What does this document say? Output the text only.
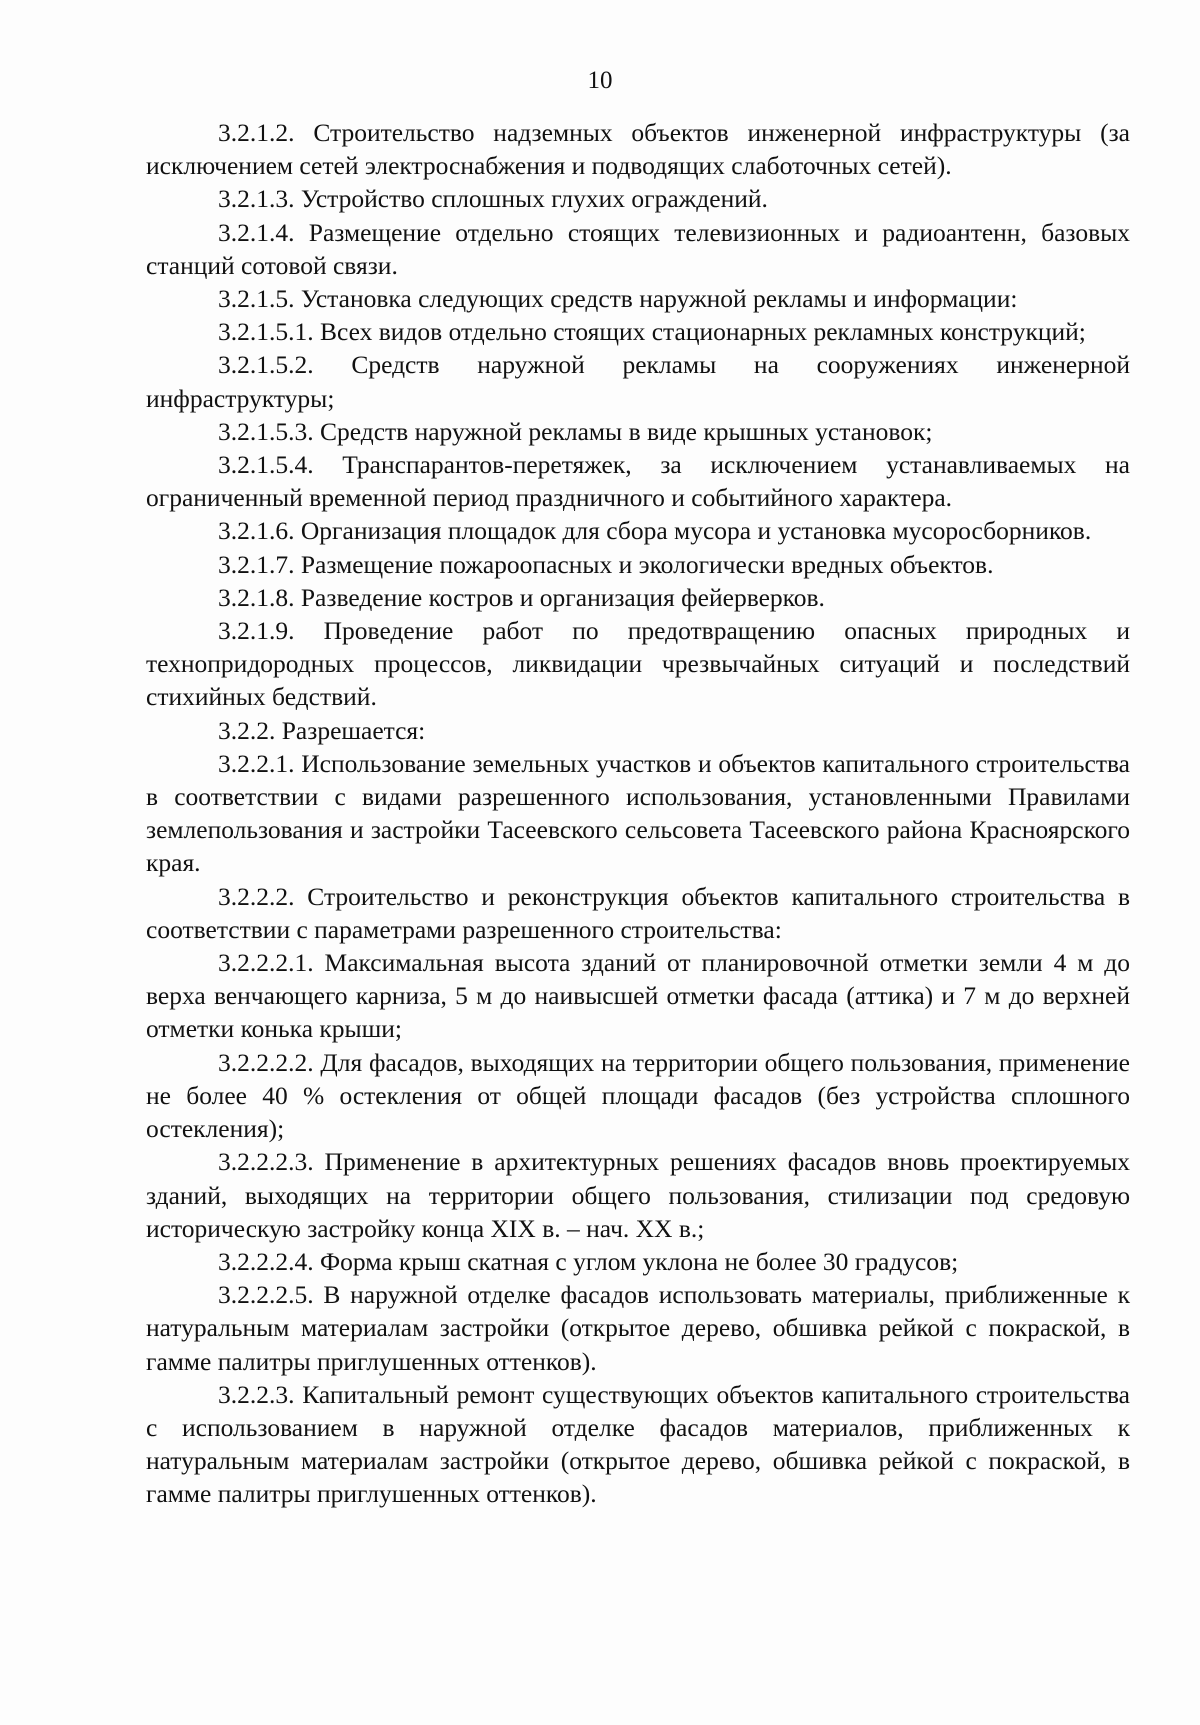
10

3.2.1.2. Строительство надземных объектов инженерной инфраструктуры (за исключением сетей электроснабжения и подводящих слаботочных сетей).

3.2.1.3. Устройство сплошных глухих ограждений.

3.2.1.4. Размещение отдельно стоящих телевизионных и радиоантенн, базовых станций сотовой связи.

3.2.1.5. Установка следующих средств наружной рекламы и информации:

3.2.1.5.1. Всех видов отдельно стоящих стационарных рекламных конструкций;

3.2.1.5.2. Средств наружной рекламы на сооружениях инженерной инфраструктуры;

3.2.1.5.3. Средств наружной рекламы в виде крышных установок;

3.2.1.5.4. Транспарантов-перетяжек, за исключением устанавливаемых на ограниченный временной период праздничного и событийного характера.

3.2.1.6. Организация площадок для сбора мусора и установка мусоросборников.

3.2.1.7. Размещение пожароопасных и экологически вредных объектов.

3.2.1.8. Разведение костров и организация фейерверков.

3.2.1.9. Проведение работ по предотвращению опасных природных и технопридородных процессов, ликвидации чрезвычайных ситуаций и последствий стихийных бедствий.

3.2.2. Разрешается:

3.2.2.1. Использование земельных участков и объектов капитального строительства в соответствии с видами разрешенного использования, установленными Правилами землепользования и застройки Тасеевского сельсовета Тасеевского района Красноярского края.

3.2.2.2. Строительство и реконструкция объектов капитального строительства в соответствии с параметрами разрешенного строительства:

3.2.2.2.1. Максимальная высота зданий от планировочной отметки земли 4 м до верха венчающего карниза, 5 м до наивысшей отметки фасада (аттика) и 7 м до верхней отметки конька крыши;

3.2.2.2.2. Для фасадов, выходящих на территории общего пользования, применение не более 40 % остекления от общей площади фасадов (без устройства сплошного остекления);

3.2.2.2.3. Применение в архитектурных решениях фасадов вновь проектируемых зданий, выходящих на территории общего пользования, стилизации под средовую историческую застройку конца XIX в. – нач. XX в.;

3.2.2.2.4. Форма крыш скатная с углом уклона не более 30 градусов;

3.2.2.2.5. В наружной отделке фасадов использовать материалы, приближенные к натуральным материалам застройки (открытое дерево, обшивка рейкой с покраской, в гамме палитры приглушенных оттенков).

3.2.2.3. Капитальный ремонт существующих объектов капитального строительства с использованием в наружной отделке фасадов материалов, приближенных к натуральным материалам застройки (открытое дерево, обшивка рейкой с покраской, в гамме палитры приглушенных оттенков).
